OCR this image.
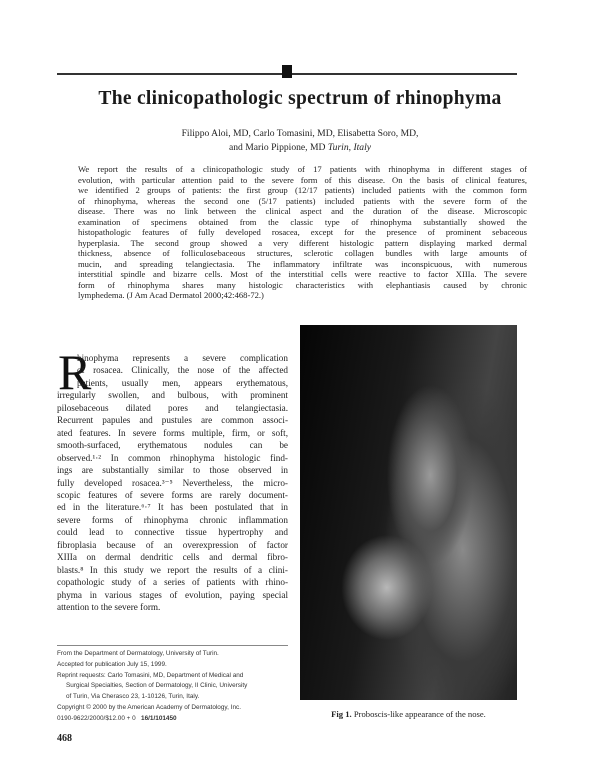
The clinicopathologic spectrum of rhinophyma
Filippo Aloi, MD, Carlo Tomasini, MD, Elisabetta Soro, MD,
and Mario Pippione, MD Turin, Italy
We report the results of a clinicopathologic study of 17 patients with rhinophyma in different stages of
evolution, with particular attention paid to the severe form of this disease. On the basis of clinical features,
we identified 2 groups of patients: the first group (12/17 patients) included patients with the common form
of rhinophyma, whereas the second one (5/17 patients) included patients with the severe form of the
disease. There was no link between the clinical aspect and the duration of the disease. Microscopic
examination of specimens obtained from the classic type of rhinophyma substantially showed the
histopathologic features of fully developed rosacea, except for the presence of prominent sebaceous
hyperplasia. The second group showed a very different histologic pattern displaying marked dermal
thickness, absence of folliculosebaceous structures, sclerotic collagen bundles with large amounts of
mucin, and spreading telangiectasia. The inflammatory infiltrate was inconspicuous, with numerous
interstitial spindle and bizarre cells. Most of the interstitial cells were reactive to factor XIIIa. The severe
form of rhinophyma shares many histologic characteristics with elephantiasis caused by chronic
lymphedema. (J Am Acad Dermatol 2000;42:468-72.)
R
hinophyma represents a severe complication
of rosacea. Clinically, the nose of the affected
patients, usually men, appears erythematous,
irregularly swollen, and bulbous, with prominent
pilosebaceous dilated pores and telangiectasia.
Recurrent papules and pustules are common associ-
ated features. In severe forms multiple, firm, or soft,
smooth-surfaced, erythematous nodules can be
observed.¹·² In common rhinophyma histologic find-
ings are substantially similar to those observed in
fully developed rosacea.³⁻⁵ Nevertheless, the micro-
scopic features of severe forms are rarely document-
ed in the literature.⁶·⁷ It has been postulated that in
severe forms of rhinophyma chronic inflammation
could lead to connective tissue hypertrophy and
fibroplasia because of an overexpression of factor
XIIIa on dermal dendritic cells and dermal fibro-
blasts.⁸ In this study we report the results of a clini-
copathologic study of a series of patients with rhino-
phyma in various stages of evolution, paying special
attention to the severe form.
Fig 1. Proboscis-like appearance of the nose.
From the Department of Dermatology, University of Turin.
Accepted for publication July 15, 1999.
Reprint requests: Carlo Tomasini, MD, Department of Medical and
Surgical Specialties, Section of Dermatology, II Clinic, University
of Turin, Via Cherasco 23, 1-10126, Turin, Italy.
Copyright © 2000 by the American Academy of Dermatology, Inc.
0190-9622/2000/$12.00 + 0 16/1/101450
468
